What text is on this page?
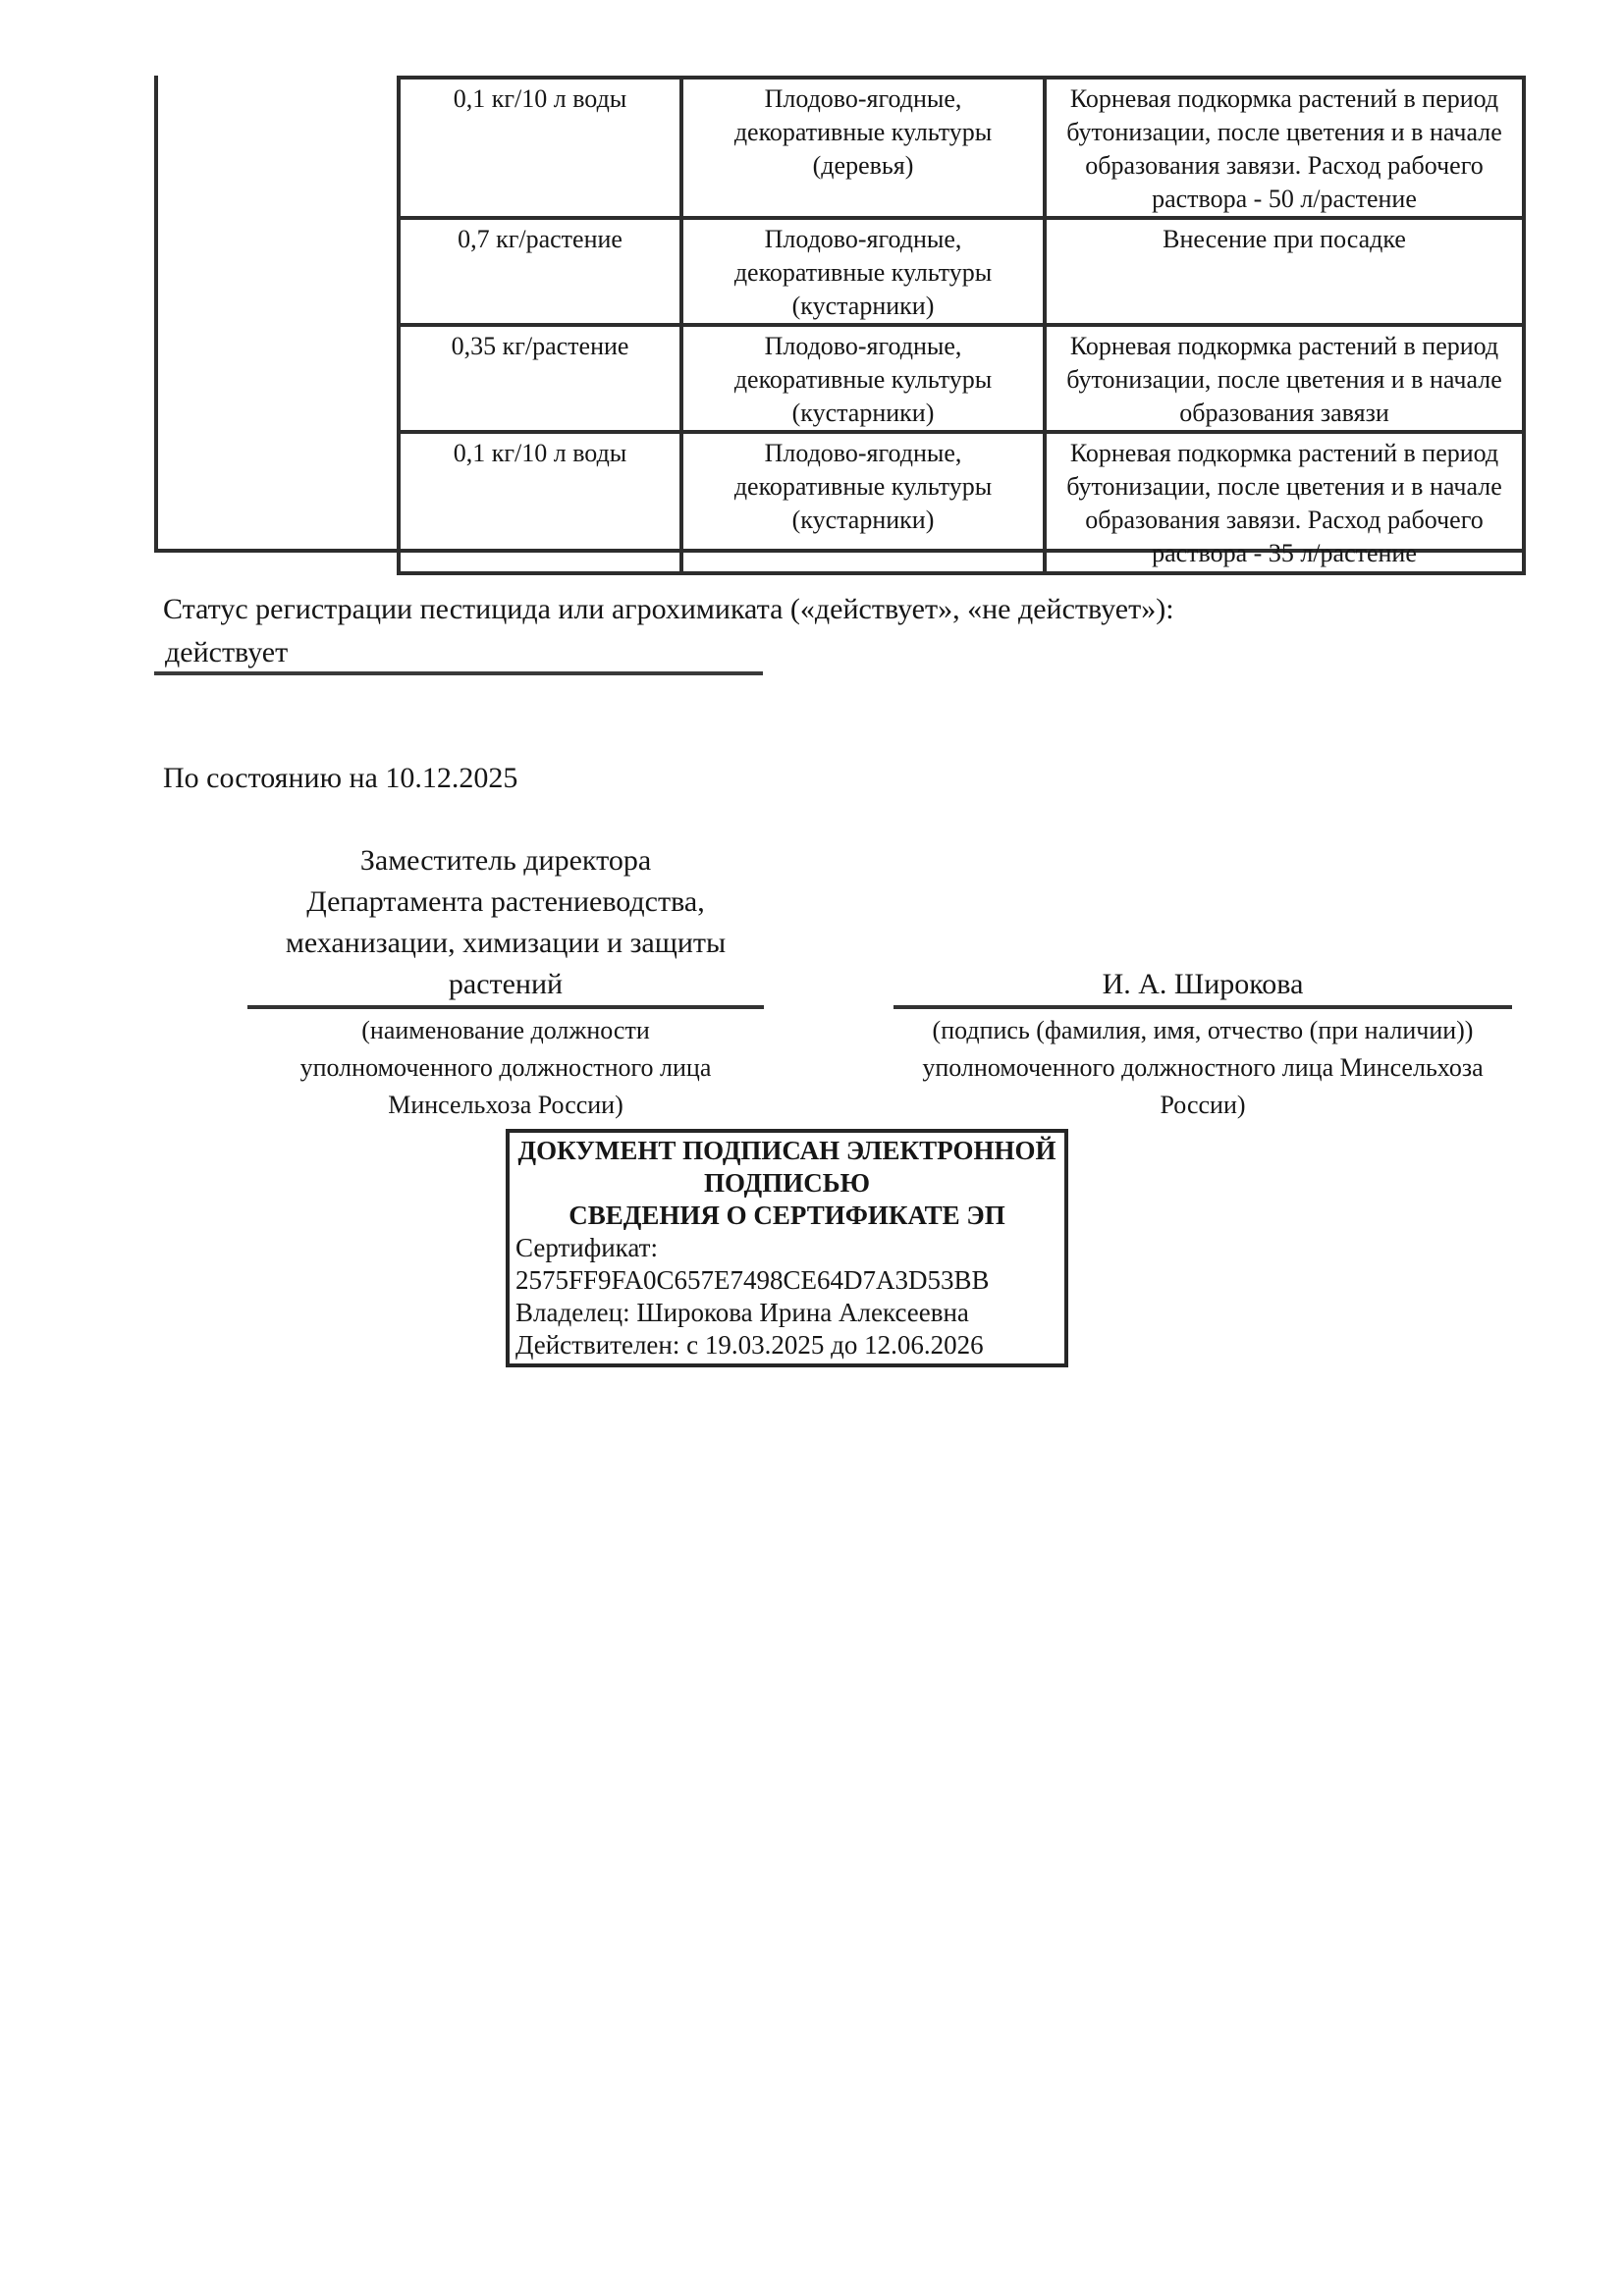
0,1 кг/10 л воды	Плодово-ягодные, декоративные культуры (деревья)	Корневая подкормка растений в период бутонизации, после цветения и в начале образования завязи. Расход рабочего раствора - 50 л/растение
0,7 кг/растение	Плодово-ягодные, декоративные культуры (кустарники)	Внесение при посадке
0,35 кг/растение	Плодово-ягодные, декоративные культуры (кустарники)	Корневая подкормка растений в период бутонизации, после цветения и в начале образования завязи
0,1 кг/10 л воды	Плодово-ягодные, декоративные культуры (кустарники)	Корневая подкормка растений в период бутонизации, после цветения и в начале образования завязи. Расход рабочего раствора - 35 л/растение
Статус регистрации пестицида или агрохимиката («действует», «не действует»):
действует
По состоянию на 10.12.2025
Заместитель директора
Департамента растениеводства,
механизации, химизации и защиты
растений
(наименование должности
уполномоченного должностного лица
Минсельхоза России)
И. А. Широкова
(подпись (фамилия, имя, отчество (при наличии))
уполномоченного должностного лица Минсельхоза
России)
ДОКУМЕНТ ПОДПИСАН ЭЛЕКТРОННОЙ ПОДПИСЬЮ
СВЕДЕНИЯ О СЕРТИФИКАТЕ ЭП
Сертификат:
2575FF9FA0C657E7498CE64D7A3D53BB
Владелец: Широкова Ирина Алексеевна
Действителен: с 19.03.2025 до 12.06.2026
